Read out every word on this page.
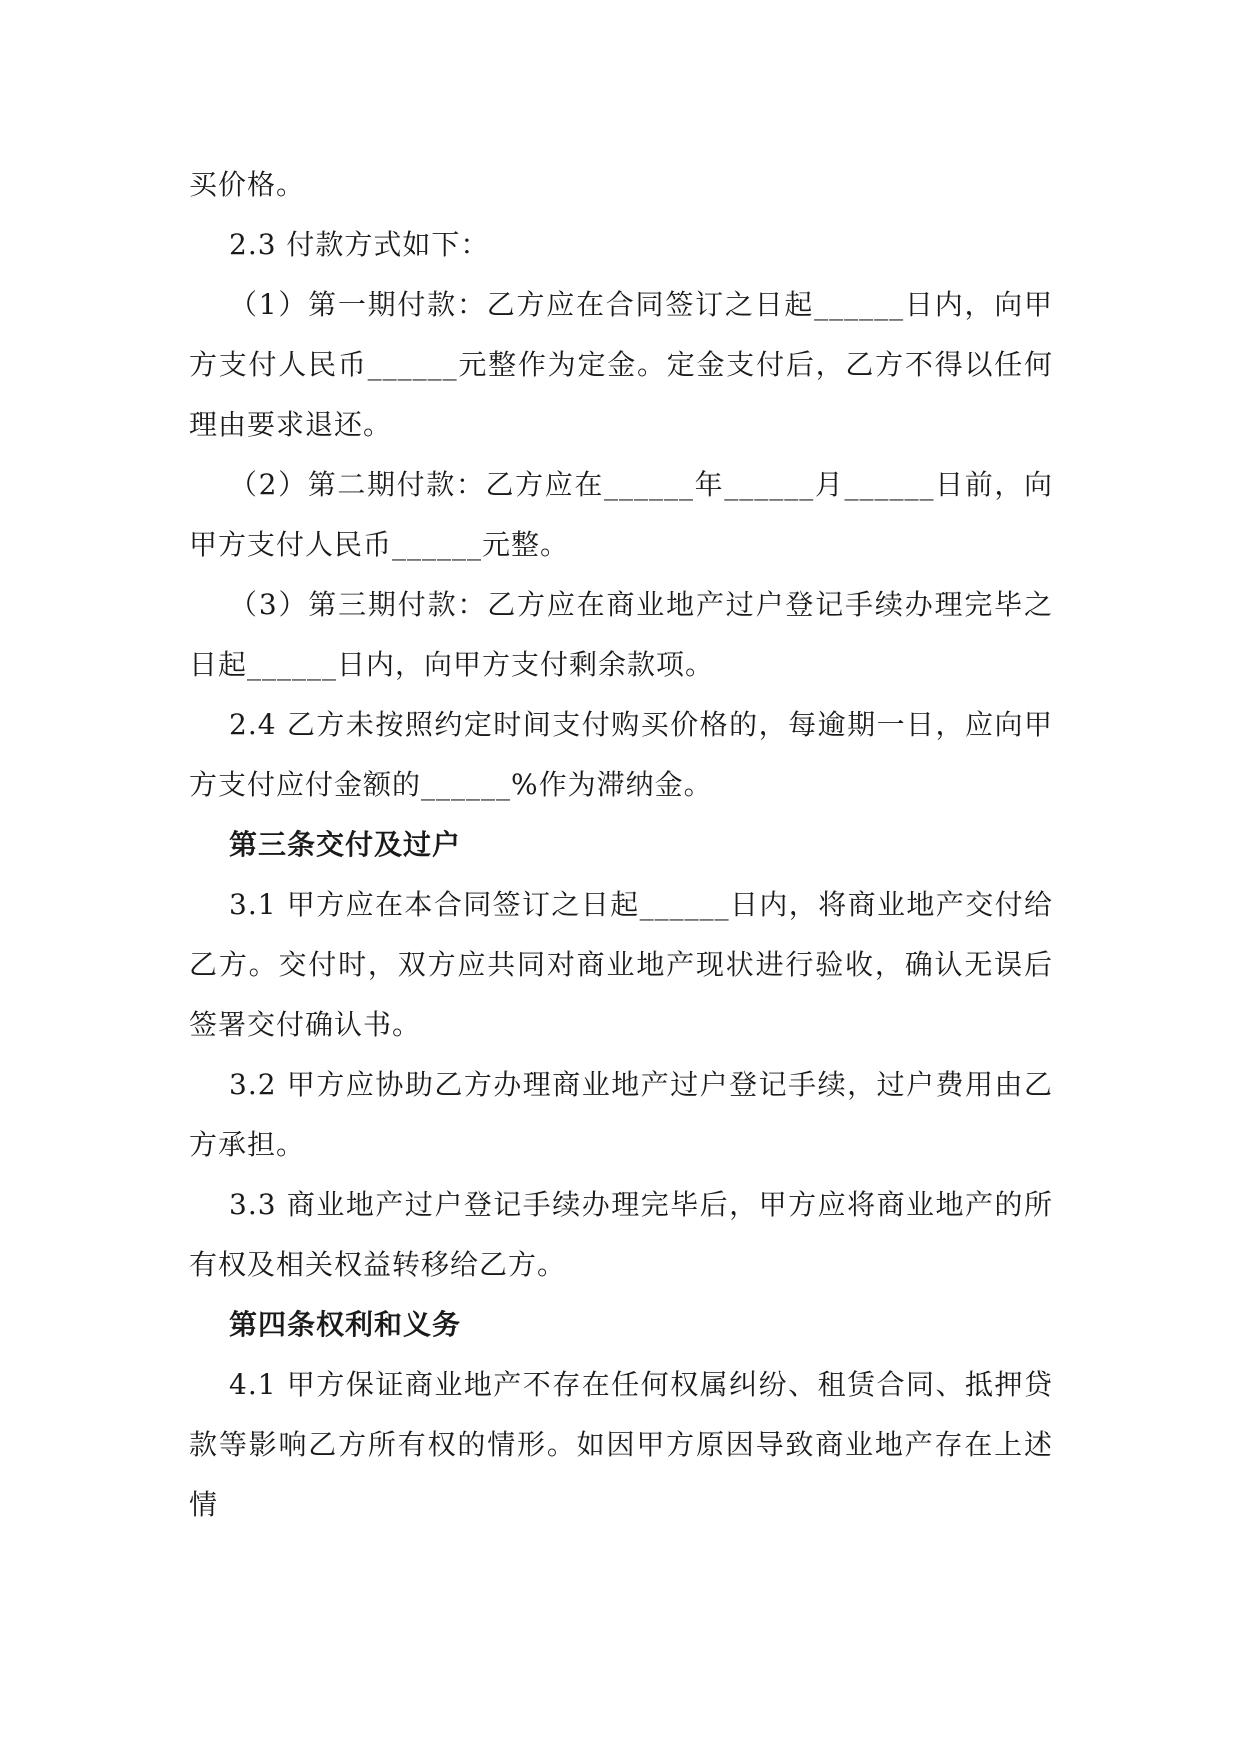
买价格。

2.3 付款方式如下：

（1）第一期付款：乙方应在合同签订之日起______日内，向甲方支付人民币______元整作为定金。定金支付后，乙方不得以任何理由要求退还。

（2）第二期付款：乙方应在______年______月______日前，向甲方支付人民币______元整。

（3）第三期付款：乙方应在商业地产过户登记手续办理完毕之日起______日内，向甲方支付剩余款项。

2.4 乙方未按照约定时间支付购买价格的，每逾期一日，应向甲方支付应付金额的______%作为滞纳金。

第三条交付及过户

3.1 甲方应在本合同签订之日起______日内，将商业地产交付给乙方。交付时，双方应共同对商业地产现状进行验收，确认无误后签署交付确认书。

3.2 甲方应协助乙方办理商业地产过户登记手续，过户费用由乙方承担。

3.3 商业地产过户登记手续办理完毕后，甲方应将商业地产的所有权及相关权益转移给乙方。

第四条权利和义务

4.1 甲方保证商业地产不存在任何权属纠纷、租赁合同、抵押贷款等影响乙方所有权的情形。如因甲方原因导致商业地产存在上述情
